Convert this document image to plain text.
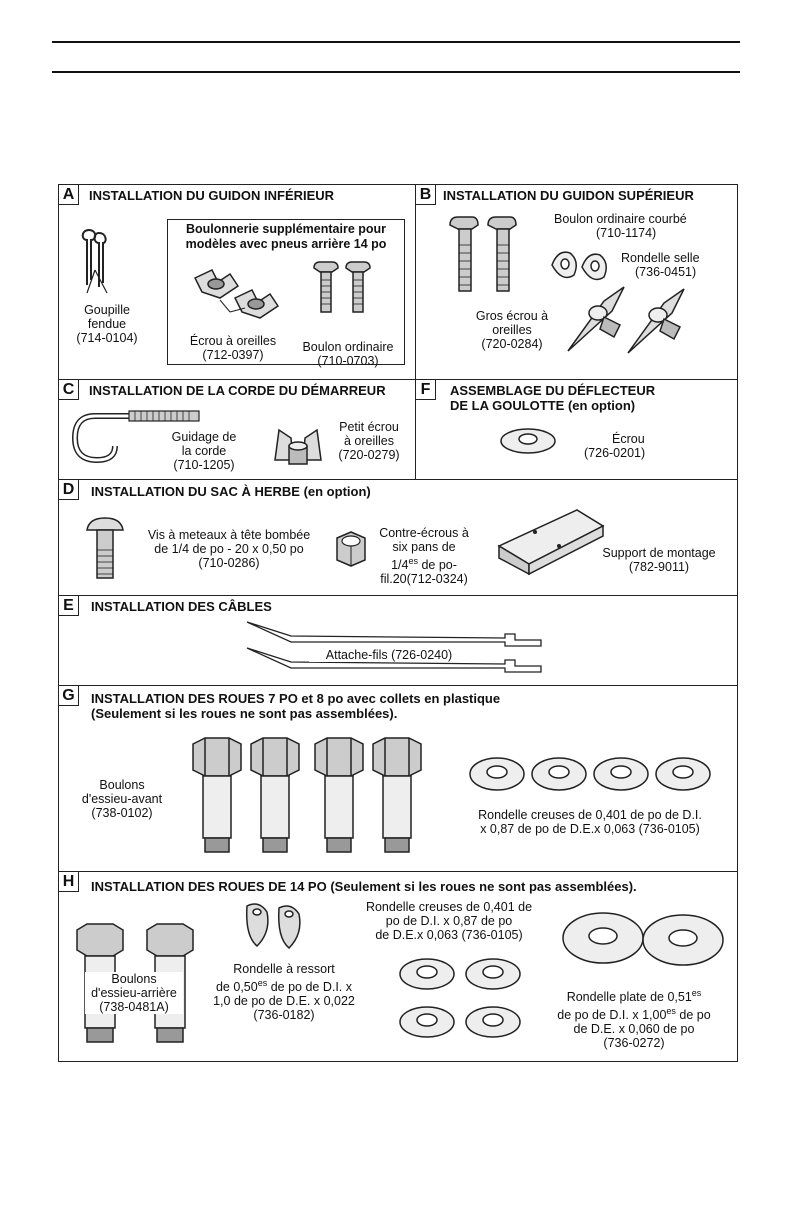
A	INSTALLATION DU GUIDON INFÉRIEUR
Goupille
fendue
(714-0104)
Boulonnerie supplémentaire pour
modèles avec pneus arrière 14 po
Écrou à oreilles
(712-0397)
Boulon ordinaire
(710-0703)
B INSTALLATION DU GUIDON SUPÉRIEUR
Boulon ordinaire courbé
(710-1174)
Rondelle selle
(736-0451)
Gros écrou à
oreilles
(720-0284)
C	INSTALLATION DE LA CORDE DU DÉMARREUR
Guidage de
la corde
(710-1205)
Petit écrou
à oreilles
(720-0279)
F	ASSEMBLAGE DU DÉFLECTEUR
DE LA GOULOTTE (en option)
Écrou
(726-0201)
D	INSTALLATION DU SAC À HERBE (en option)
Vis à meteaux à tête bombée
de 1/4 de po - 20 x 0,50 po
(710-0286)
Contre-écrous à
six pans de
$1/4^{es}$ de po-
fil.20(712-0324)
Support de montage
(782-9011)
E	INSTALLATION DES CÂBLES
Attache-fils (726-0240)
G	INSTALLATION DES ROUES 7 PO et 8 po avec collets en plastique
(Seulement si les roues ne sont pas assemblées).
Boulons
d'essieu-avant
(738-0102)	Rondelle creuses de 0,401 de po de D.I.
x 0,87 de po de D.E.x 0,063 (736-0105)
H	INSTALLATION DES ROUES DE 14 PO (Seulement si les roues ne sont pas assemblées).
Boulons
d'essieu-arrière
(738-0481A)
Rondelle à ressort
de $0,50^{es}$ de po de D.I. x
1,0 de po de D.E. x 0,022
(736-0182)
Rondelle creuses de 0,401 de
po de D.I. x 0,87 de po
de D.E.x 0,063 (736-0105)
Rondelle plate de $0,51^{es}$
de po de D.I. x $1,00^{es}$ de po
de D.E. x 0,060 de po
(736-0272)
